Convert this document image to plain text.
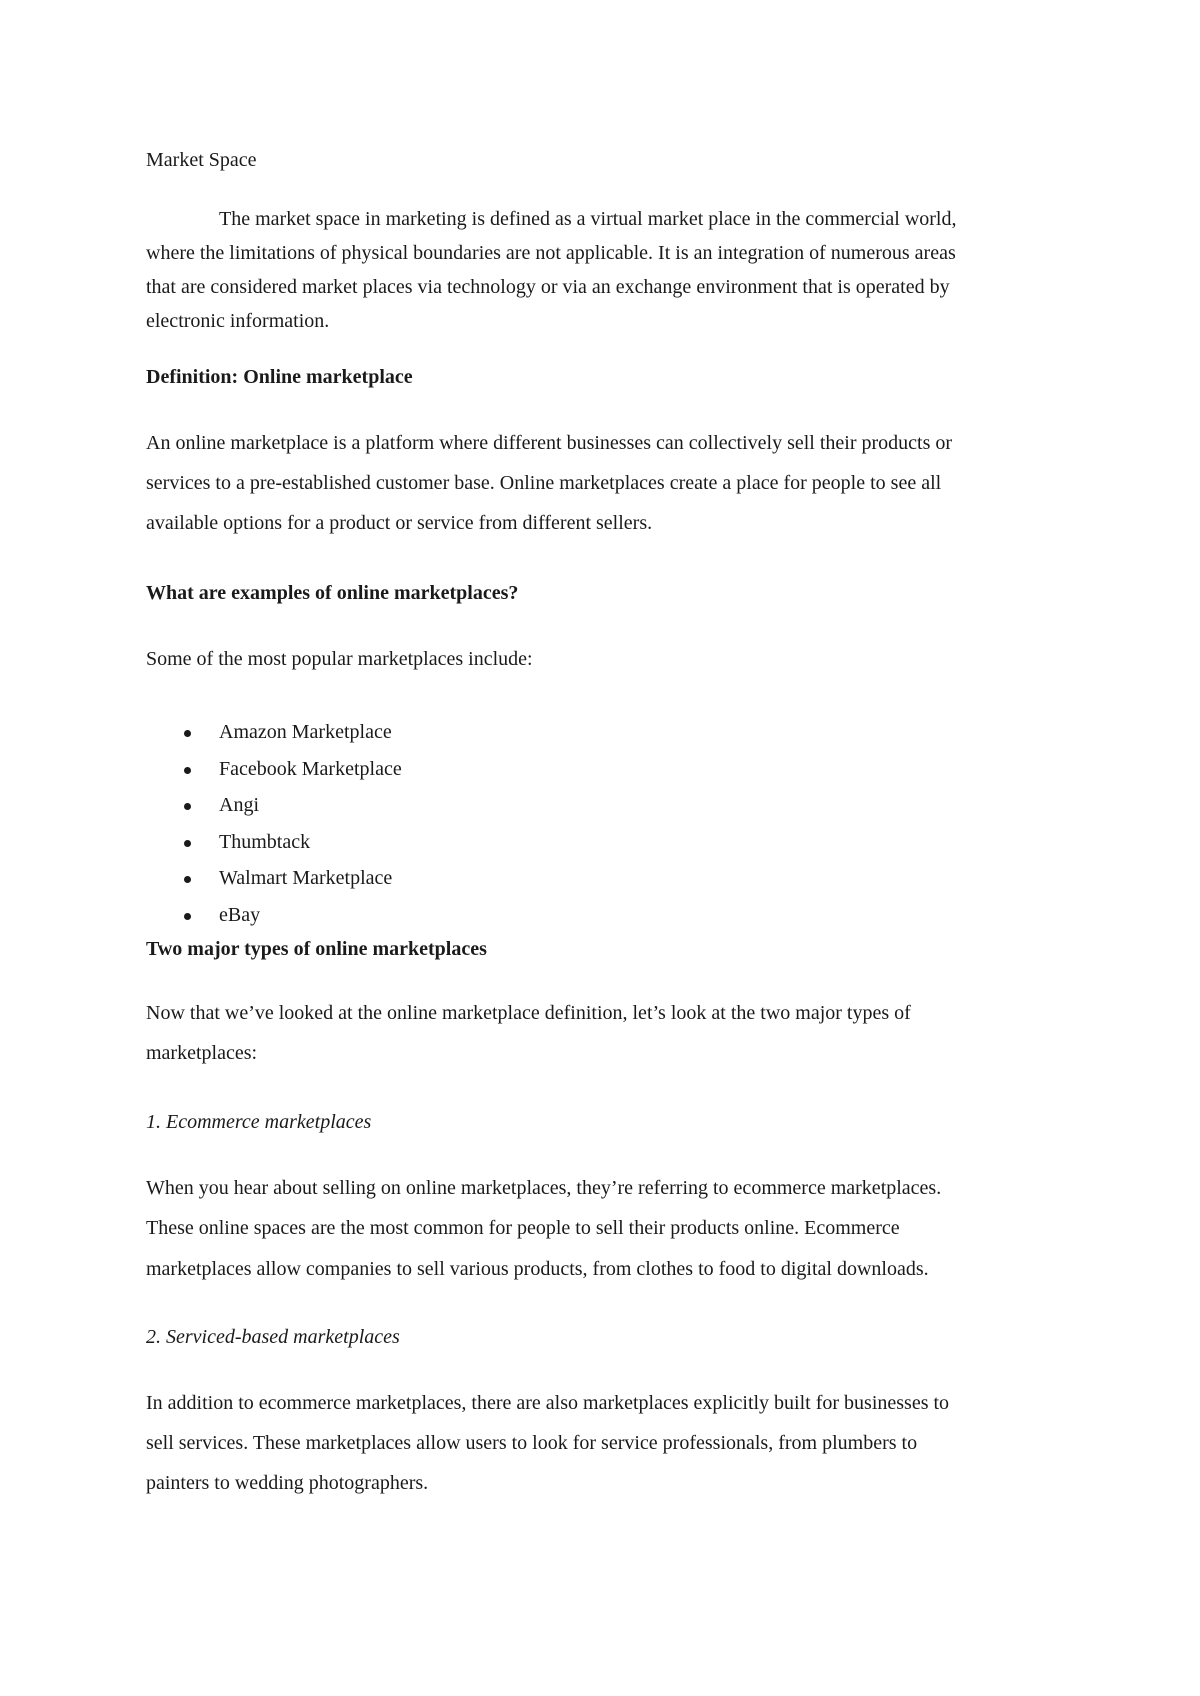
Market Space

The market space in marketing is defined as a virtual market place in the commercial world,

where the limitations of physical boundaries are not applicable. It is an integration of numerous areas

that are considered market places via technology or via an exchange environment that is operated by

electronic information.

Definition: Online marketplace

An online marketplace is a platform where different businesses can collectively sell their products or

services to a pre-established customer base. Online marketplaces create a place for people to see all

available options for a product or service from different sellers.

What are examples of online marketplaces?

Some of the most popular marketplaces include:

Amazon Marketplace

Facebook Marketplace

Angi

Thumbtack

Walmart Marketplace

eBay

Two major types of online marketplaces

Now that we’ve looked at the online marketplace definition, let’s look at the two major types of

marketplaces:

1. Ecommerce marketplaces

When you hear about selling on online marketplaces, they’re referring to ecommerce marketplaces.

These online spaces are the most common for people to sell their products online. Ecommerce

marketplaces allow companies to sell various products, from clothes to food to digital downloads.

2. Serviced-based marketplaces

In addition to ecommerce marketplaces, there are also marketplaces explicitly built for businesses to

sell services. These marketplaces allow users to look for service professionals, from plumbers to

painters to wedding photographers.
